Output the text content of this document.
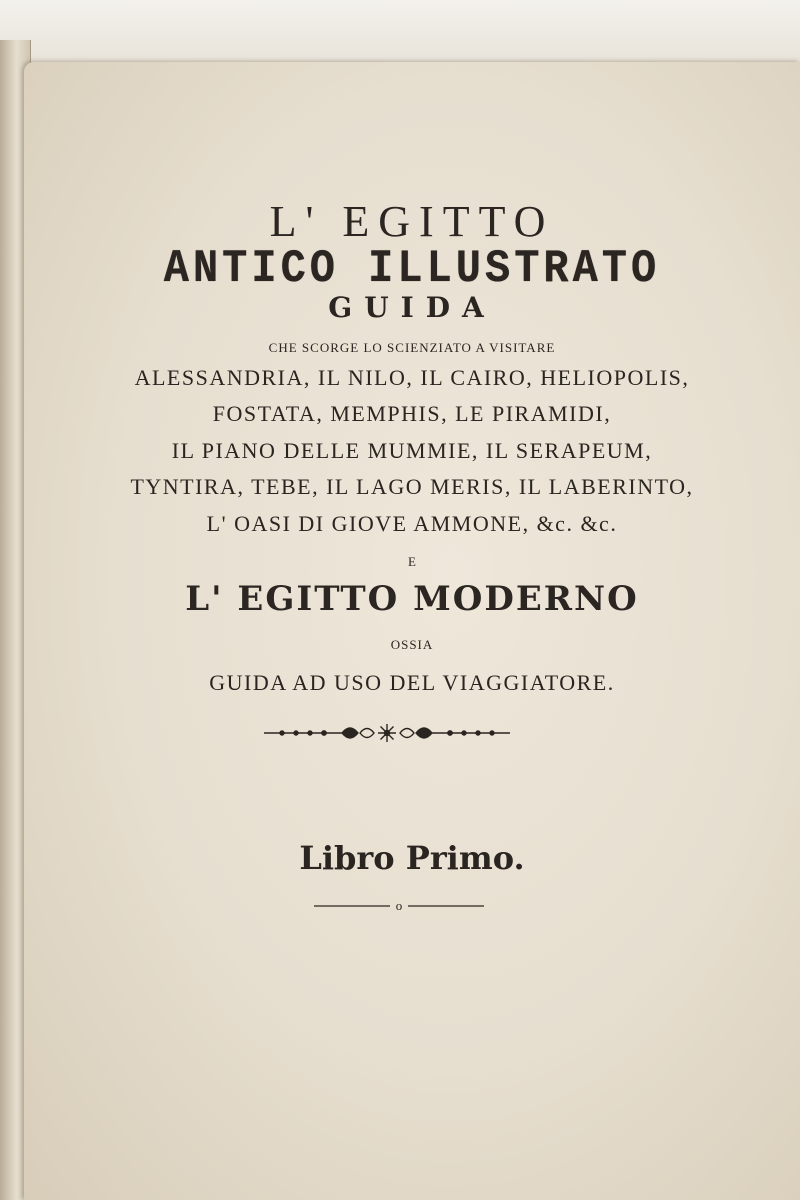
L' EGITTO
ANTICO ILLUSTRATO
GUIDA
CHE SCORGE LO SCIENZIATO A VISITARE
ALESSANDRIA, IL NILO, IL CAIRO, HELIOPOLIS,
FOSTATA, MEMPHIS, LE PIRAMIDI,
IL PIANO DELLE MUMMIE, IL SERAPEUM,
TYNTIRA, TEBE, IL LAGO MERIS, IL LABERINTO,
L' OASI DI GIOVE AMMONE, &c. &c.
E
L' EGITTO MODERNO
OSSIA
GUIDA AD USO DEL VIAGGIATORE.
Libro Primo.
o
